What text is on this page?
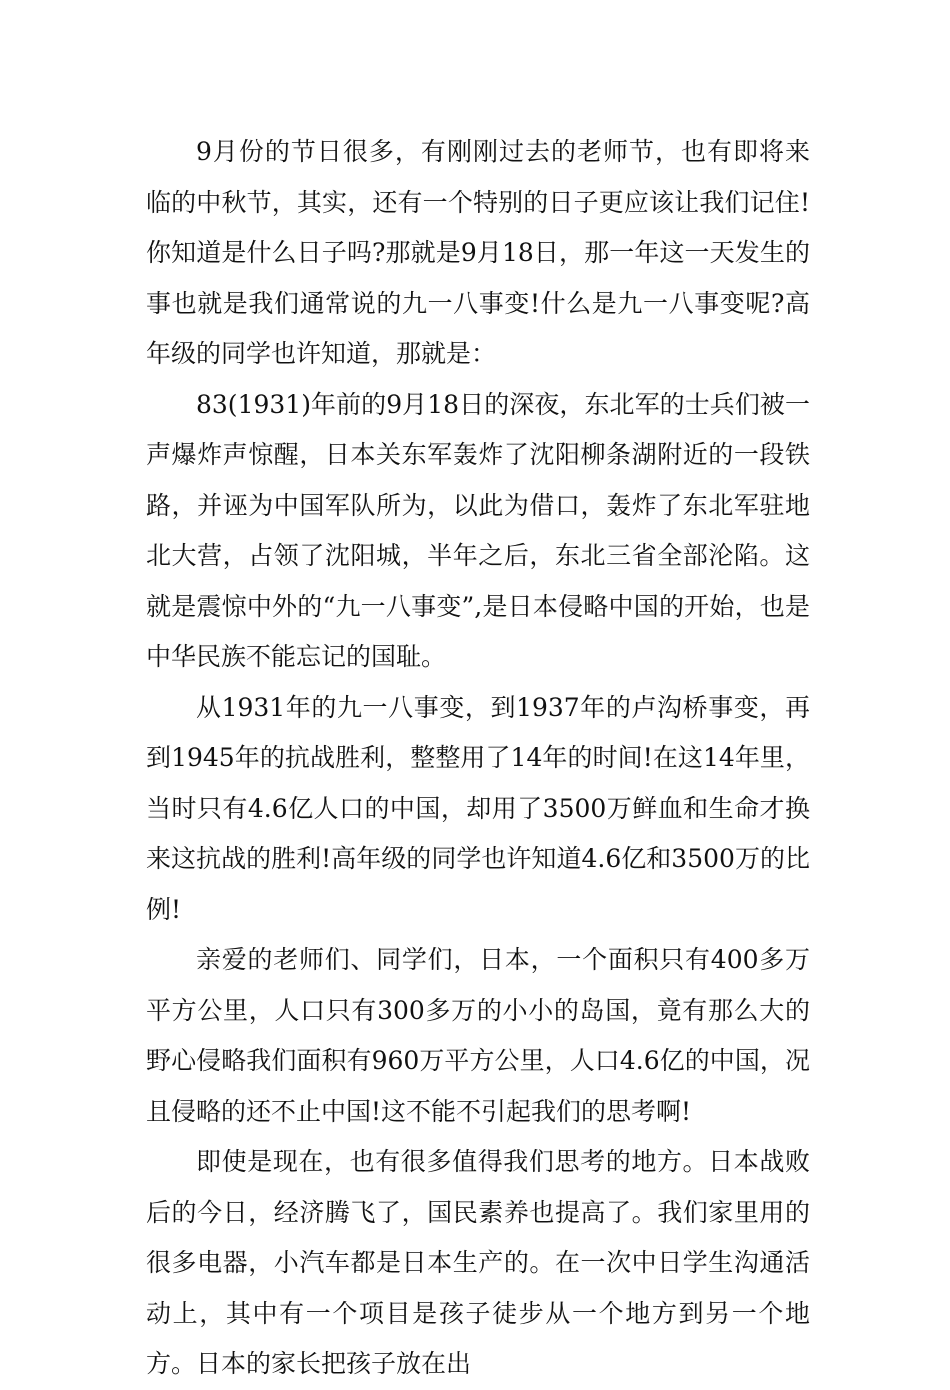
9月份的节日很多，有刚刚过去的老师节，也有即将来临的中秋节，其实，还有一个特别的日子更应该让我们记住!你知道是什么日子吗?那就是9月18日，那一年这一天发生的事也就是我们通常说的九一八事变!什么是九一八事变呢?高年级的同学也许知道，那就是：

83(1931)年前的9月18日的深夜，东北军的士兵们被一声爆炸声惊醒，日本关东军轰炸了沈阳柳条湖附近的一段铁路，并诬为中国军队所为，以此为借口，轰炸了东北军驻地北大营，占领了沈阳城，半年之后，东北三省全部沦陷。这就是震惊中外的“九一八事变”,是日本侵略中国的开始，也是中华民族不能忘记的国耻。

从1931年的九一八事变，到1937年的卢沟桥事变，再到1945年的抗战胜利，整整用了14年的时间!在这14年里，当时只有4.6亿人口的中国，却用了3500万鲜血和生命才换来这抗战的胜利!高年级的同学也许知道4.6亿和3500万的比例!

亲爱的老师们、同学们，日本，一个面积只有400多万平方公里，人口只有300多万的小小的岛国，竟有那么大的野心侵略我们面积有960万平方公里，人口4.6亿的中国，况且侵略的还不止中国!这不能不引起我们的思考啊!

即使是现在，也有很多值得我们思考的地方。日本战败后的今日，经济腾飞了，国民素养也提高了。我们家里用的很多电器，小汽车都是日本生产的。在一次中日学生沟通活动上，其中有一个项目是孩子徒步从一个地方到另一个地方。日本的家长把孩子放在出
